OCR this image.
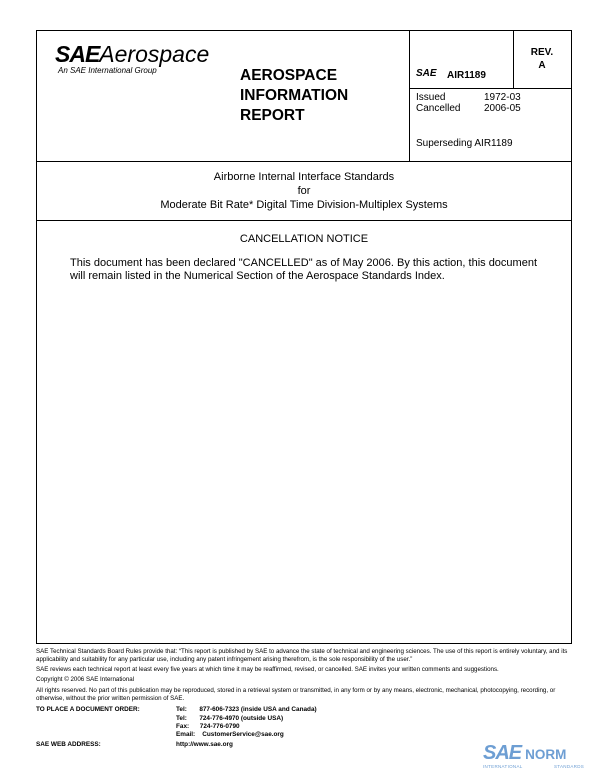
SAEAerospace
An SAE International Group	AEROSPACE
INFORMATION
REPORT
SAE AIR1189
REV.
A
Issued	1972-03
Cancelled 2006-05
Superseding AIR1189
Airborne Internal Interface Standards
for
Moderate Bit Rate* Digital Time Division-Multiplex Systems
CANCELLATION NOTICE
This document has been declared "CANCELLED" as of May 2006. By this action, this document will remain listed in the Numerical Section of the Aerospace Standards Index.
SAE Technical Standards Board Rules provide that: “This report is published by SAE to advance the state of technical and engineering sciences. The use of this report is entirely voluntary, and its applicability and suitability for any particular use, including any patent infringement arising therefrom, is the sole responsibility of the user.”
SAE reviews each technical report at least every five years at which time it may be reaffirmed, revised, or cancelled. SAE invites your written comments and suggestions.
Copyright © 2006 SAE International
All rights reserved. No part of this publication may be reproduced, stored in a retrieval system or transmitted, in any form or by any means, electronic, mechanical, photocopying, recording, or otherwise, without the prior written permission of SAE.
TO PLACE A DOCUMENT ORDER:	Tel:       877-606-7323 (inside USA and Canada)
Tel:       724-776-4970 (outside USA)
Fax:      724-776-0790
Email:    CustomerService@sae.org
SAE WEB ADDRESS:	http://www.sae.org	SAE NORM
INTERNATIONAL	STANDARDS
